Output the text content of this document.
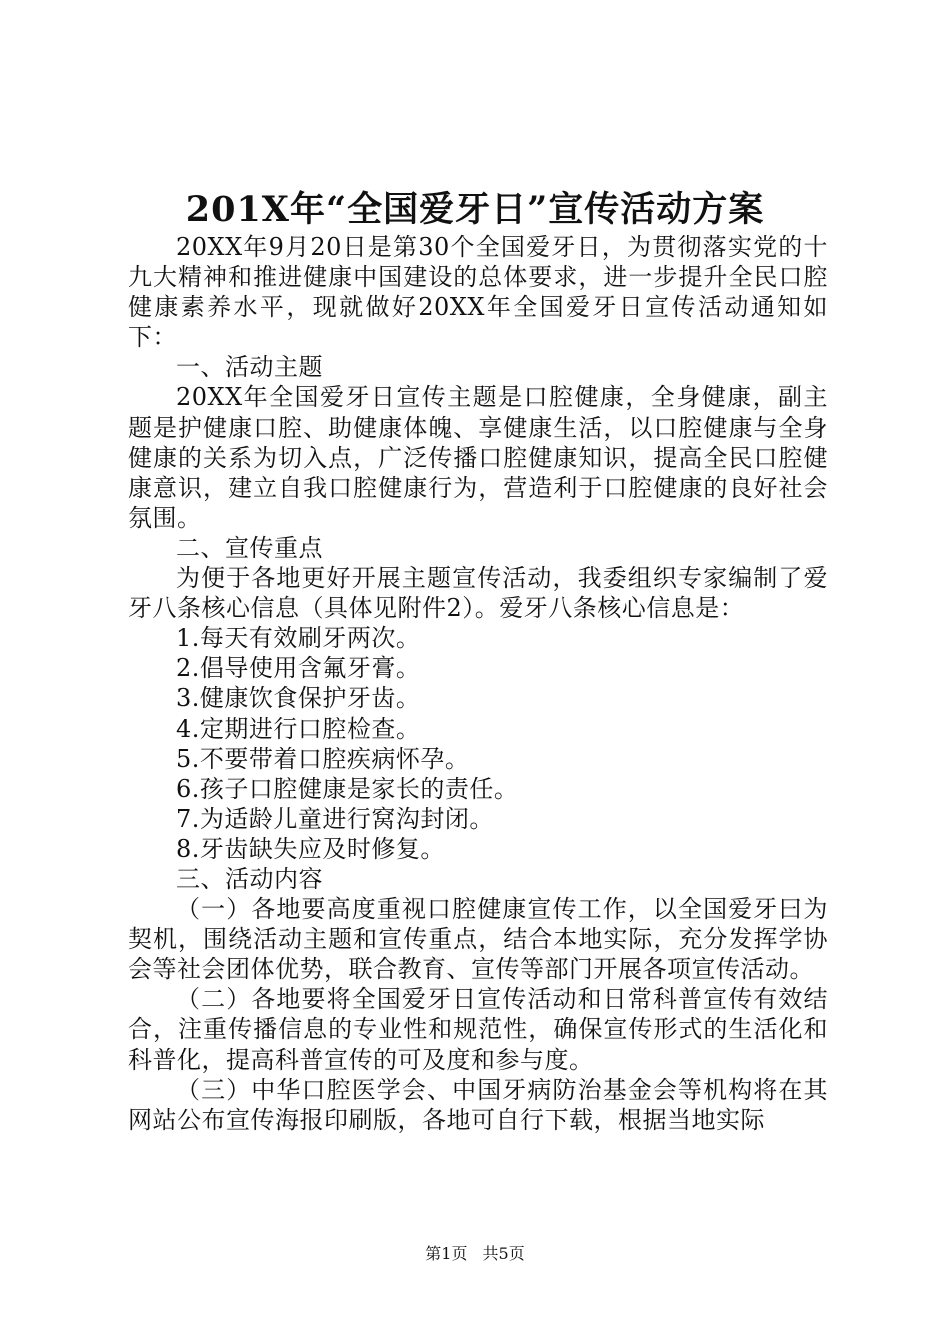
201X年“全国爱牙日”宣传活动方案

20XX年9月20日是第30个全国爱牙日，为贯彻落实党的十九大精神和推进健康中国建设的总体要求，进一步提升全民口腔健康素养水平，现就做好20XX年全国爱牙日宣传活动通知如下：

一、活动主题

20XX年全国爱牙日宣传主题是口腔健康，全身健康，副主题是护健康口腔、助健康体魄、享健康生活，以口腔健康与全身健康的关系为切入点，广泛传播口腔健康知识，提高全民口腔健康意识，建立自我口腔健康行为，营造利于口腔健康的良好社会氛围。

二、宣传重点

为便于各地更好开展主题宣传活动，我委组织专家编制了爱牙八条核心信息（具体见附件2）。爱牙八条核心信息是：

1.每天有效刷牙两次。

2.倡导使用含氟牙膏。

3.健康饮食保护牙齿。

4.定期进行口腔检查。

5.不要带着口腔疾病怀孕。

6.孩子口腔健康是家长的责任。

7.为适龄儿童进行窝沟封闭。

8.牙齿缺失应及时修复。

三、活动内容

（一）各地要高度重视口腔健康宣传工作，以全国爱牙曰为契机，围绕活动主题和宣传重点，结合本地实际，充分发挥学协会等社会团体优势，联合教育、宣传等部门开展各项宣传活动。

（二）各地要将全国爱牙日宣传活动和日常科普宣传有效结合，注重传播信息的专业性和规范性，确保宣传形式的生活化和科普化，提高科普宣传的可及度和参与度。

（三）中华口腔医学会、中国牙病防治基金会等机构将在其网站公布宣传海报印刷版，各地可自行下载，根据当地实际

第1页 共5页
